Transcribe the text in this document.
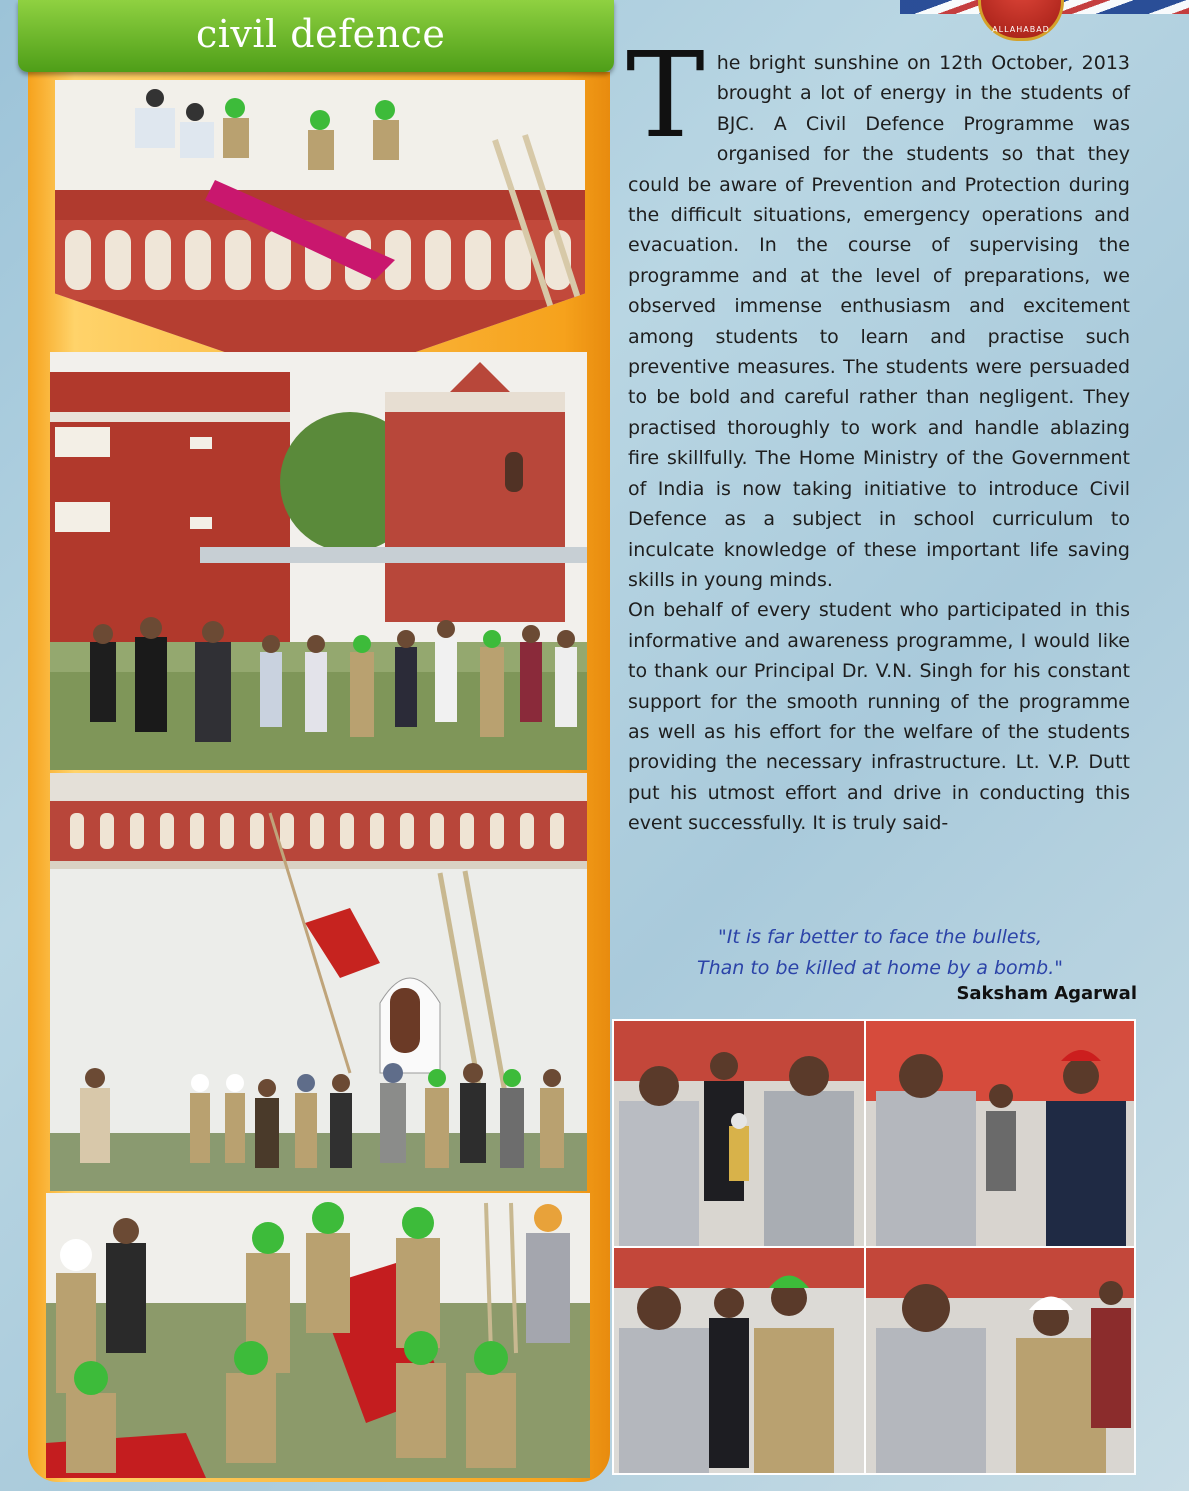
ALLAHABAD
civil defence The bright sunshine on 12th October, 2013 brought a lot of energy in the students of BJC. A Civil Defence Programme was organised for the students so that they could be aware of Prevention and Protection during the difficult situations, emergency operations and evacuation. In the course of supervising the programme and at the level of preparations, we observed immense enthusiasm and excitement among students to learn and practise such preventive measures. The students were persuaded to be bold and careful rather than negligent. They practised thoroughly to work and handle ablazing fire skillfully. The Home Ministry of the Government of India is now taking initiative to introduce Civil Defence as a subject in school curriculum to inculcate knowledge of these important life saving skills in young minds.

On behalf of every student who participated in this informative and awareness programme, I would like to thank our Principal Dr. V.N. Singh for his constant support for the smooth running of the programme as well as his effort for the welfare of the students providing the necessary infrastructure. Lt. V.P. Dutt put his utmost effort and drive in conducting this event successfully. It is truly said-

"It is far better to face the bullets,
Than to be killed at home by a bomb."
Saksham Agarwal
